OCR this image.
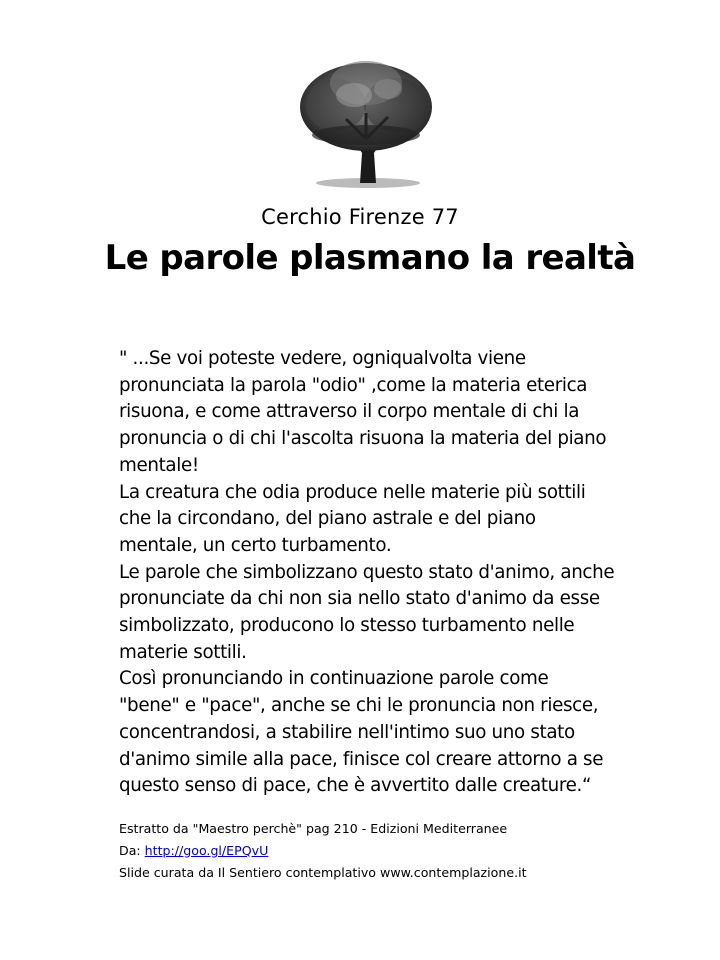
Cerchio Firenze 77
Le parole plasmano la realtà
" ...Se voi poteste vedere, ogniqualvolta viene
pronunciata la parola "odio" ,come la materia eterica
risuona, e come attraverso il corpo mentale di chi la
pronuncia o di chi l'ascolta risuona la materia del piano
mentale!
La creatura che odia produce nelle materie più sottili
che la circondano, del piano astrale e del piano
mentale, un certo turbamento.
Le parole che simbolizzano questo stato d'animo, anche
pronunciate da chi non sia nello stato d'animo da esse
simbolizzato, producono lo stesso turbamento nelle
materie sottili.
Così pronunciando in continuazione parole come
"bene" e "pace", anche se chi le pronuncia non riesce,
concentrandosi, a stabilire nell'intimo suo uno stato
d'animo simile alla pace, finisce col creare attorno a se
questo senso di pace, che è avvertito dalle creature.“
Estratto da "Maestro perchè" pag 210 - Edizioni Mediterranee
Da: http://goo.gl/EPQvU
Slide curata da Il Sentiero contemplativo www.contemplazione.it
